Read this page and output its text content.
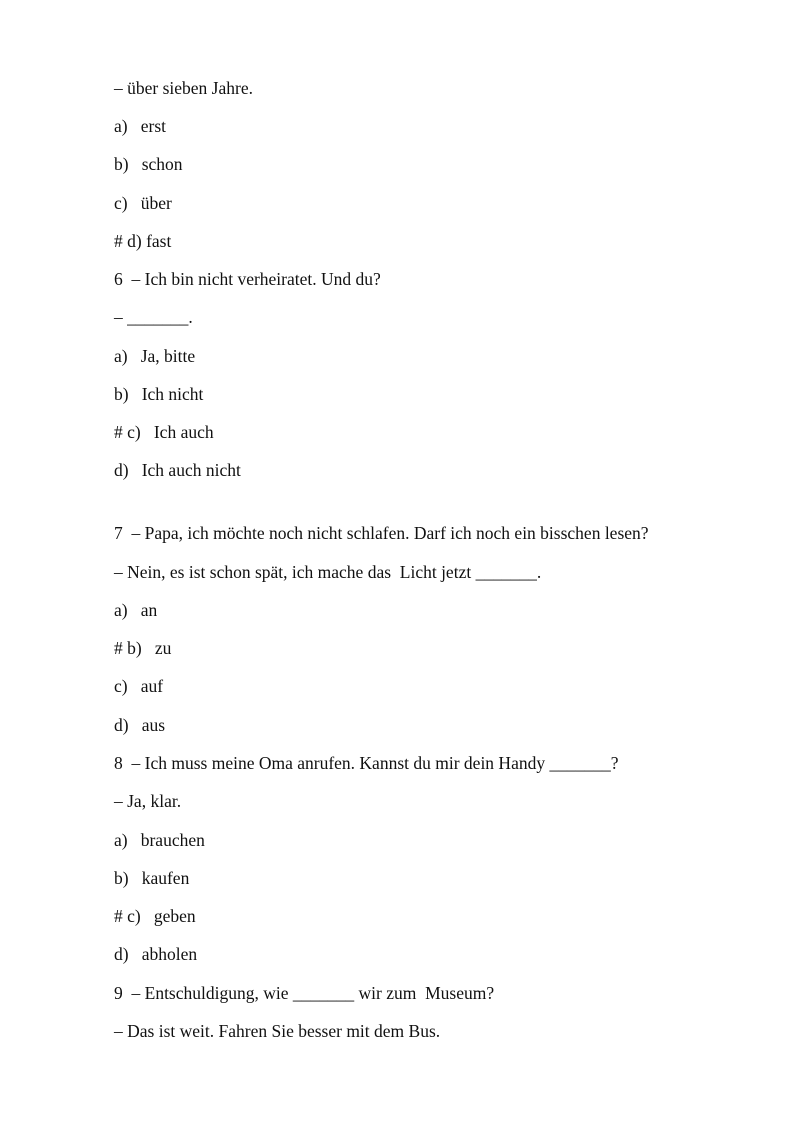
– über sieben Jahre.
a)   erst
b)   schon
c)   über
# d) fast
6  – Ich bin nicht verheiratet. Und du?
– _______.
a)   Ja, bitte
b)   Ich nicht
# c)   Ich auch
d)   Ich auch nicht
7  – Papa, ich möchte noch nicht schlafen. Darf ich noch ein bisschen lesen?
– Nein, es ist schon spät, ich mache das  Licht jetzt _______.
a)   an
# b)   zu
c)   auf
d)   aus
8  – Ich muss meine Oma anrufen. Kannst du mir dein Handy _______?
– Ja, klar.
a)   brauchen
b)   kaufen
# c)   geben
d)   abholen
9  – Entschuldigung, wie _______ wir zum  Museum?
– Das ist weit. Fahren Sie besser mit dem Bus.
